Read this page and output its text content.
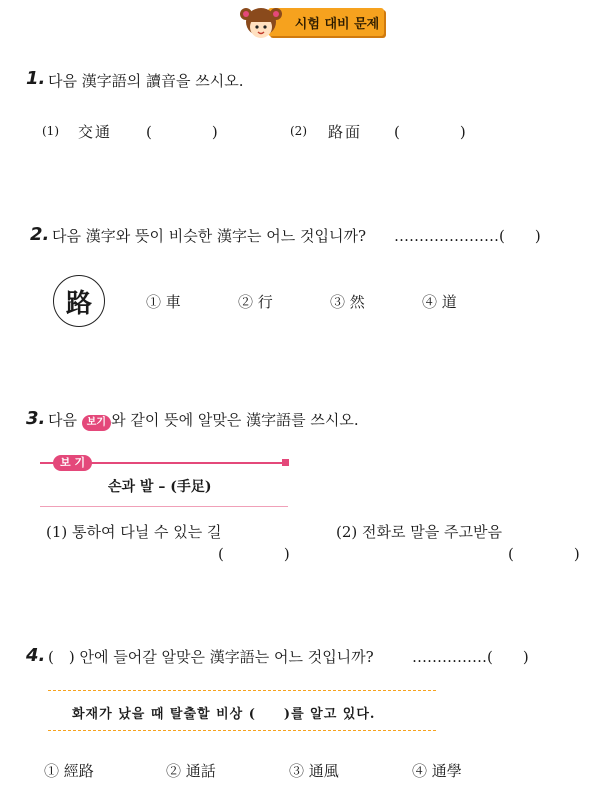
시험 대비 문제
1. 다음 漢字語의 讀音을 쓰시오.
(1) 交通 (　　　　)	(2) 路面 (　　　　)
2. 다음 漢字와 뜻이 비슷한 漢字는 어느 것입니까? …………………(　　)
路	① 車	② 行	③ 然	④ 道
3. 다음 보기 와 같이 뜻에 알맞은 漢字語를 쓰시오.
보 기
손과 발 – (手足)
(1) 통하여 다닐 수 있는 길
(　　　　)
(2) 전화로 말을 주고받음
(　　　　)
4. (　) 안에 들어갈 알맞은 漢字語는 어느 것입니까?	……………(　　)
화재가 났을 때 탈출할 비상 (　　)를 알고 있다.
① 經路	② 通話	③ 通風	④ 通學
